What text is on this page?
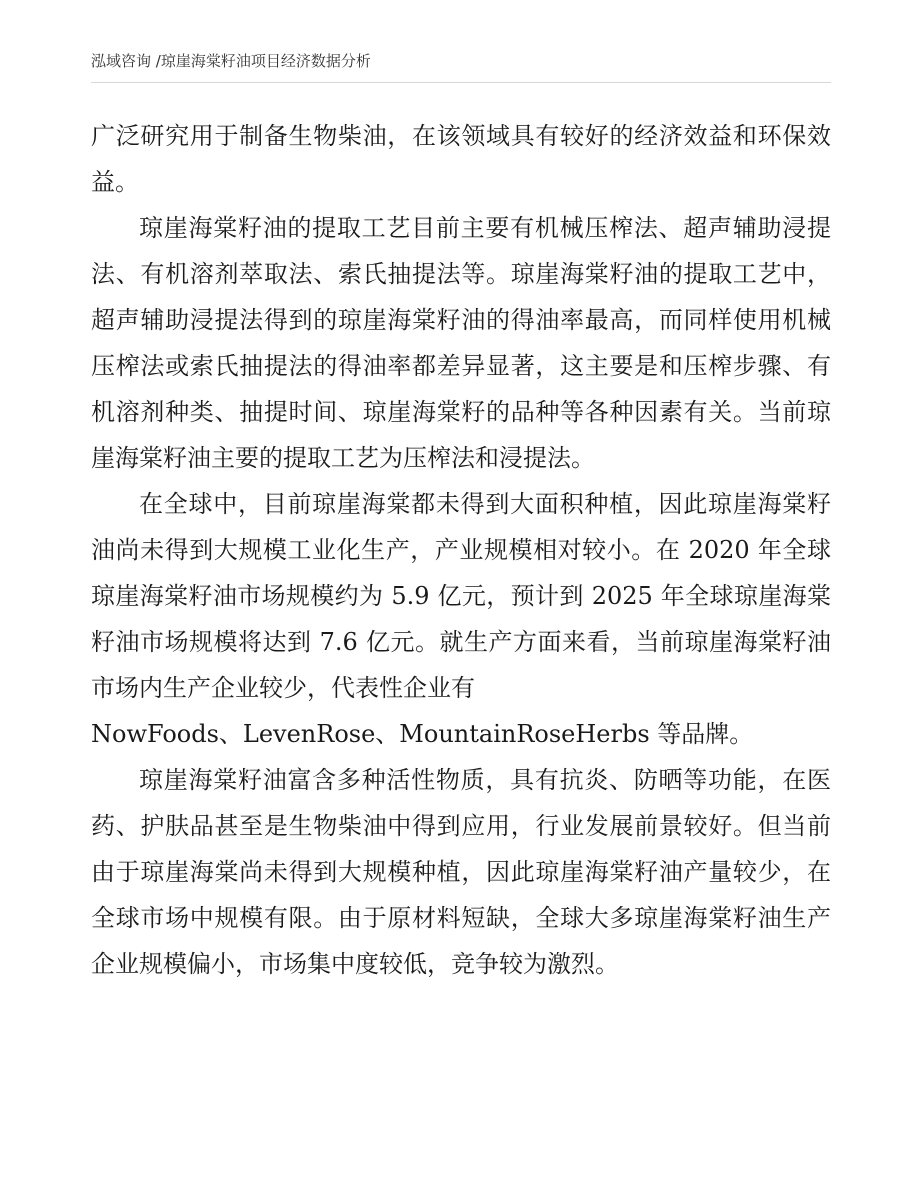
泓域咨询 /琼崖海棠籽油项目经济数据分析

广泛研究用于制备生物柴油，在该领域具有较好的经济效益和环保效益。

琼崖海棠籽油的提取工艺目前主要有机械压榨法、超声辅助浸提法、有机溶剂萃取法、索氏抽提法等。琼崖海棠籽油的提取工艺中，超声辅助浸提法得到的琼崖海棠籽油的得油率最高，而同样使用机械压榨法或索氏抽提法的得油率都差异显著，这主要是和压榨步骤、有机溶剂种类、抽提时间、琼崖海棠籽的品种等各种因素有关。当前琼崖海棠籽油主要的提取工艺为压榨法和浸提法。

在全球中，目前琼崖海棠都未得到大面积种植，因此琼崖海棠籽油尚未得到大规模工业化生产，产业规模相对较小。在 2020 年全球琼崖海棠籽油市场规模约为 5.9 亿元，预计到 2025 年全球琼崖海棠籽油市场规模将达到 7.6 亿元。就生产方面来看，当前琼崖海棠籽油市场内生产企业较少，代表性企业有

NowFoods、LevenRose、MountainRoseHerbs 等品牌。

琼崖海棠籽油富含多种活性物质，具有抗炎、防晒等功能，在医药、护肤品甚至是生物柴油中得到应用，行业发展前景较好。但当前由于琼崖海棠尚未得到大规模种植，因此琼崖海棠籽油产量较少，在全球市场中规模有限。由于原材料短缺，全球大多琼崖海棠籽油生产企业规模偏小，市场集中度较低，竞争较为激烈。
